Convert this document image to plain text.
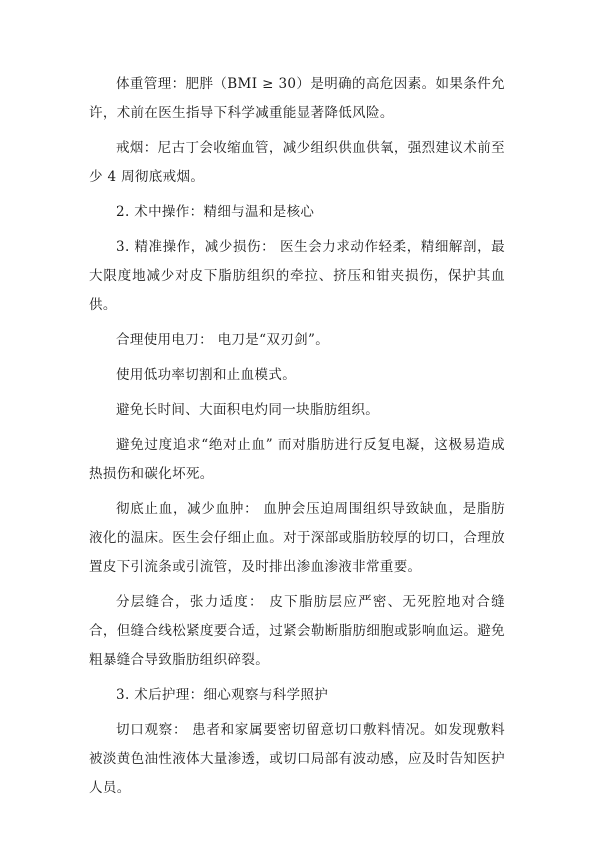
体重管理：肥胖（BMI ≥ 30）是明确的高危因素。如果条件允许，术前在医生指导下科学减重能显著降低风险。

戒烟：尼古丁会收缩血管，减少组织供血供氧，强烈建议术前至少 4 周彻底戒烟。

2. 术中操作：精细与温和是核心

3. 精准操作，减少损伤： 医生会力求动作轻柔，精细解剖，最大限度地减少对皮下脂肪组织的牵拉、挤压和钳夹损伤，保护其血供。

合理使用电刀： 电刀是“双刃剑”。

使用低功率切割和止血模式。

避免长时间、大面积电灼同一块脂肪组织。

避免过度追求“绝对止血” 而对脂肪进行反复电凝，这极易造成热损伤和碳化坏死。

彻底止血，减少血肿： 血肿会压迫周围组织导致缺血，是脂肪液化的温床。医生会仔细止血。对于深部或脂肪较厚的切口，合理放置皮下引流条或引流管，及时排出渗血渗液非常重要。

分层缝合，张力适度： 皮下脂肪层应严密、无死腔地对合缝合，但缝合线松紧度要合适，过紧会勒断脂肪细胞或影响血运。避免粗暴缝合导致脂肪组织碎裂。

3. 术后护理：细心观察与科学照护

切口观察： 患者和家属要密切留意切口敷料情况。如发现敷料被淡黄色油性液体大量渗透，或切口局部有波动感，应及时告知医护人员。
